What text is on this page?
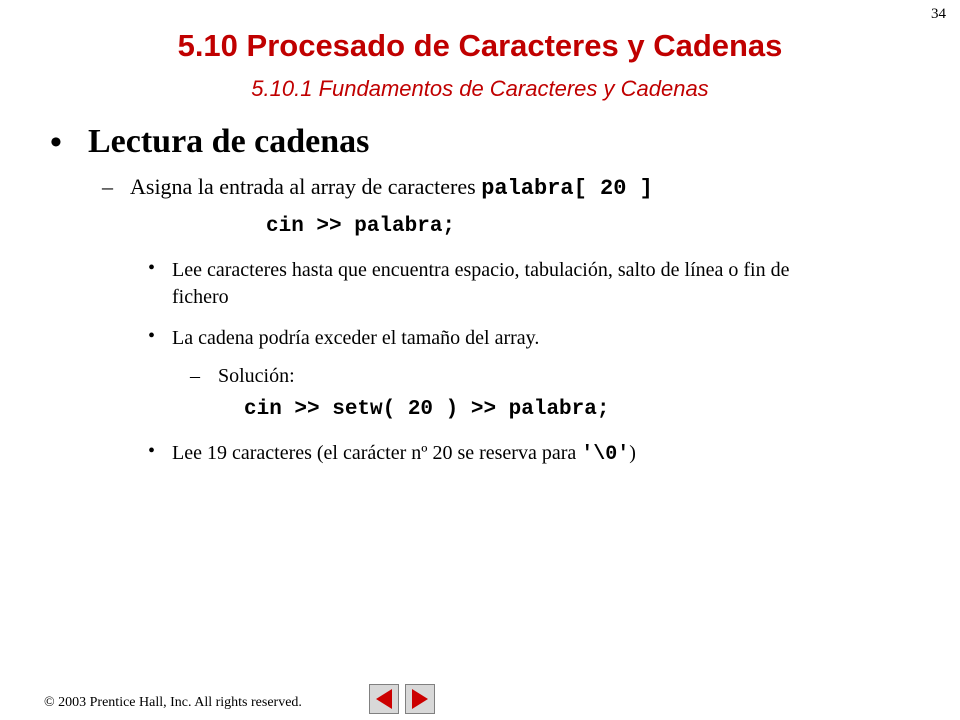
34
5.10 Procesado de Caracteres y Cadenas
5.10.1 Fundamentos de Caracteres y Cadenas
• Lectura de cadenas
– Asigna la entrada al array de caracteres palabra[ 20 ]
cin >> palabra;
• Lee caracteres hasta que encuentra espacio, tabulación, salto de línea o fin de fichero
• La cadena podría exceder el tamaño del array.
– Solución:
cin >> setw( 20 ) >> palabra;
• Lee 19 caracteres (el carácter nº 20 se reserva para '\0')
© 2003 Prentice Hall, Inc. All rights reserved.
